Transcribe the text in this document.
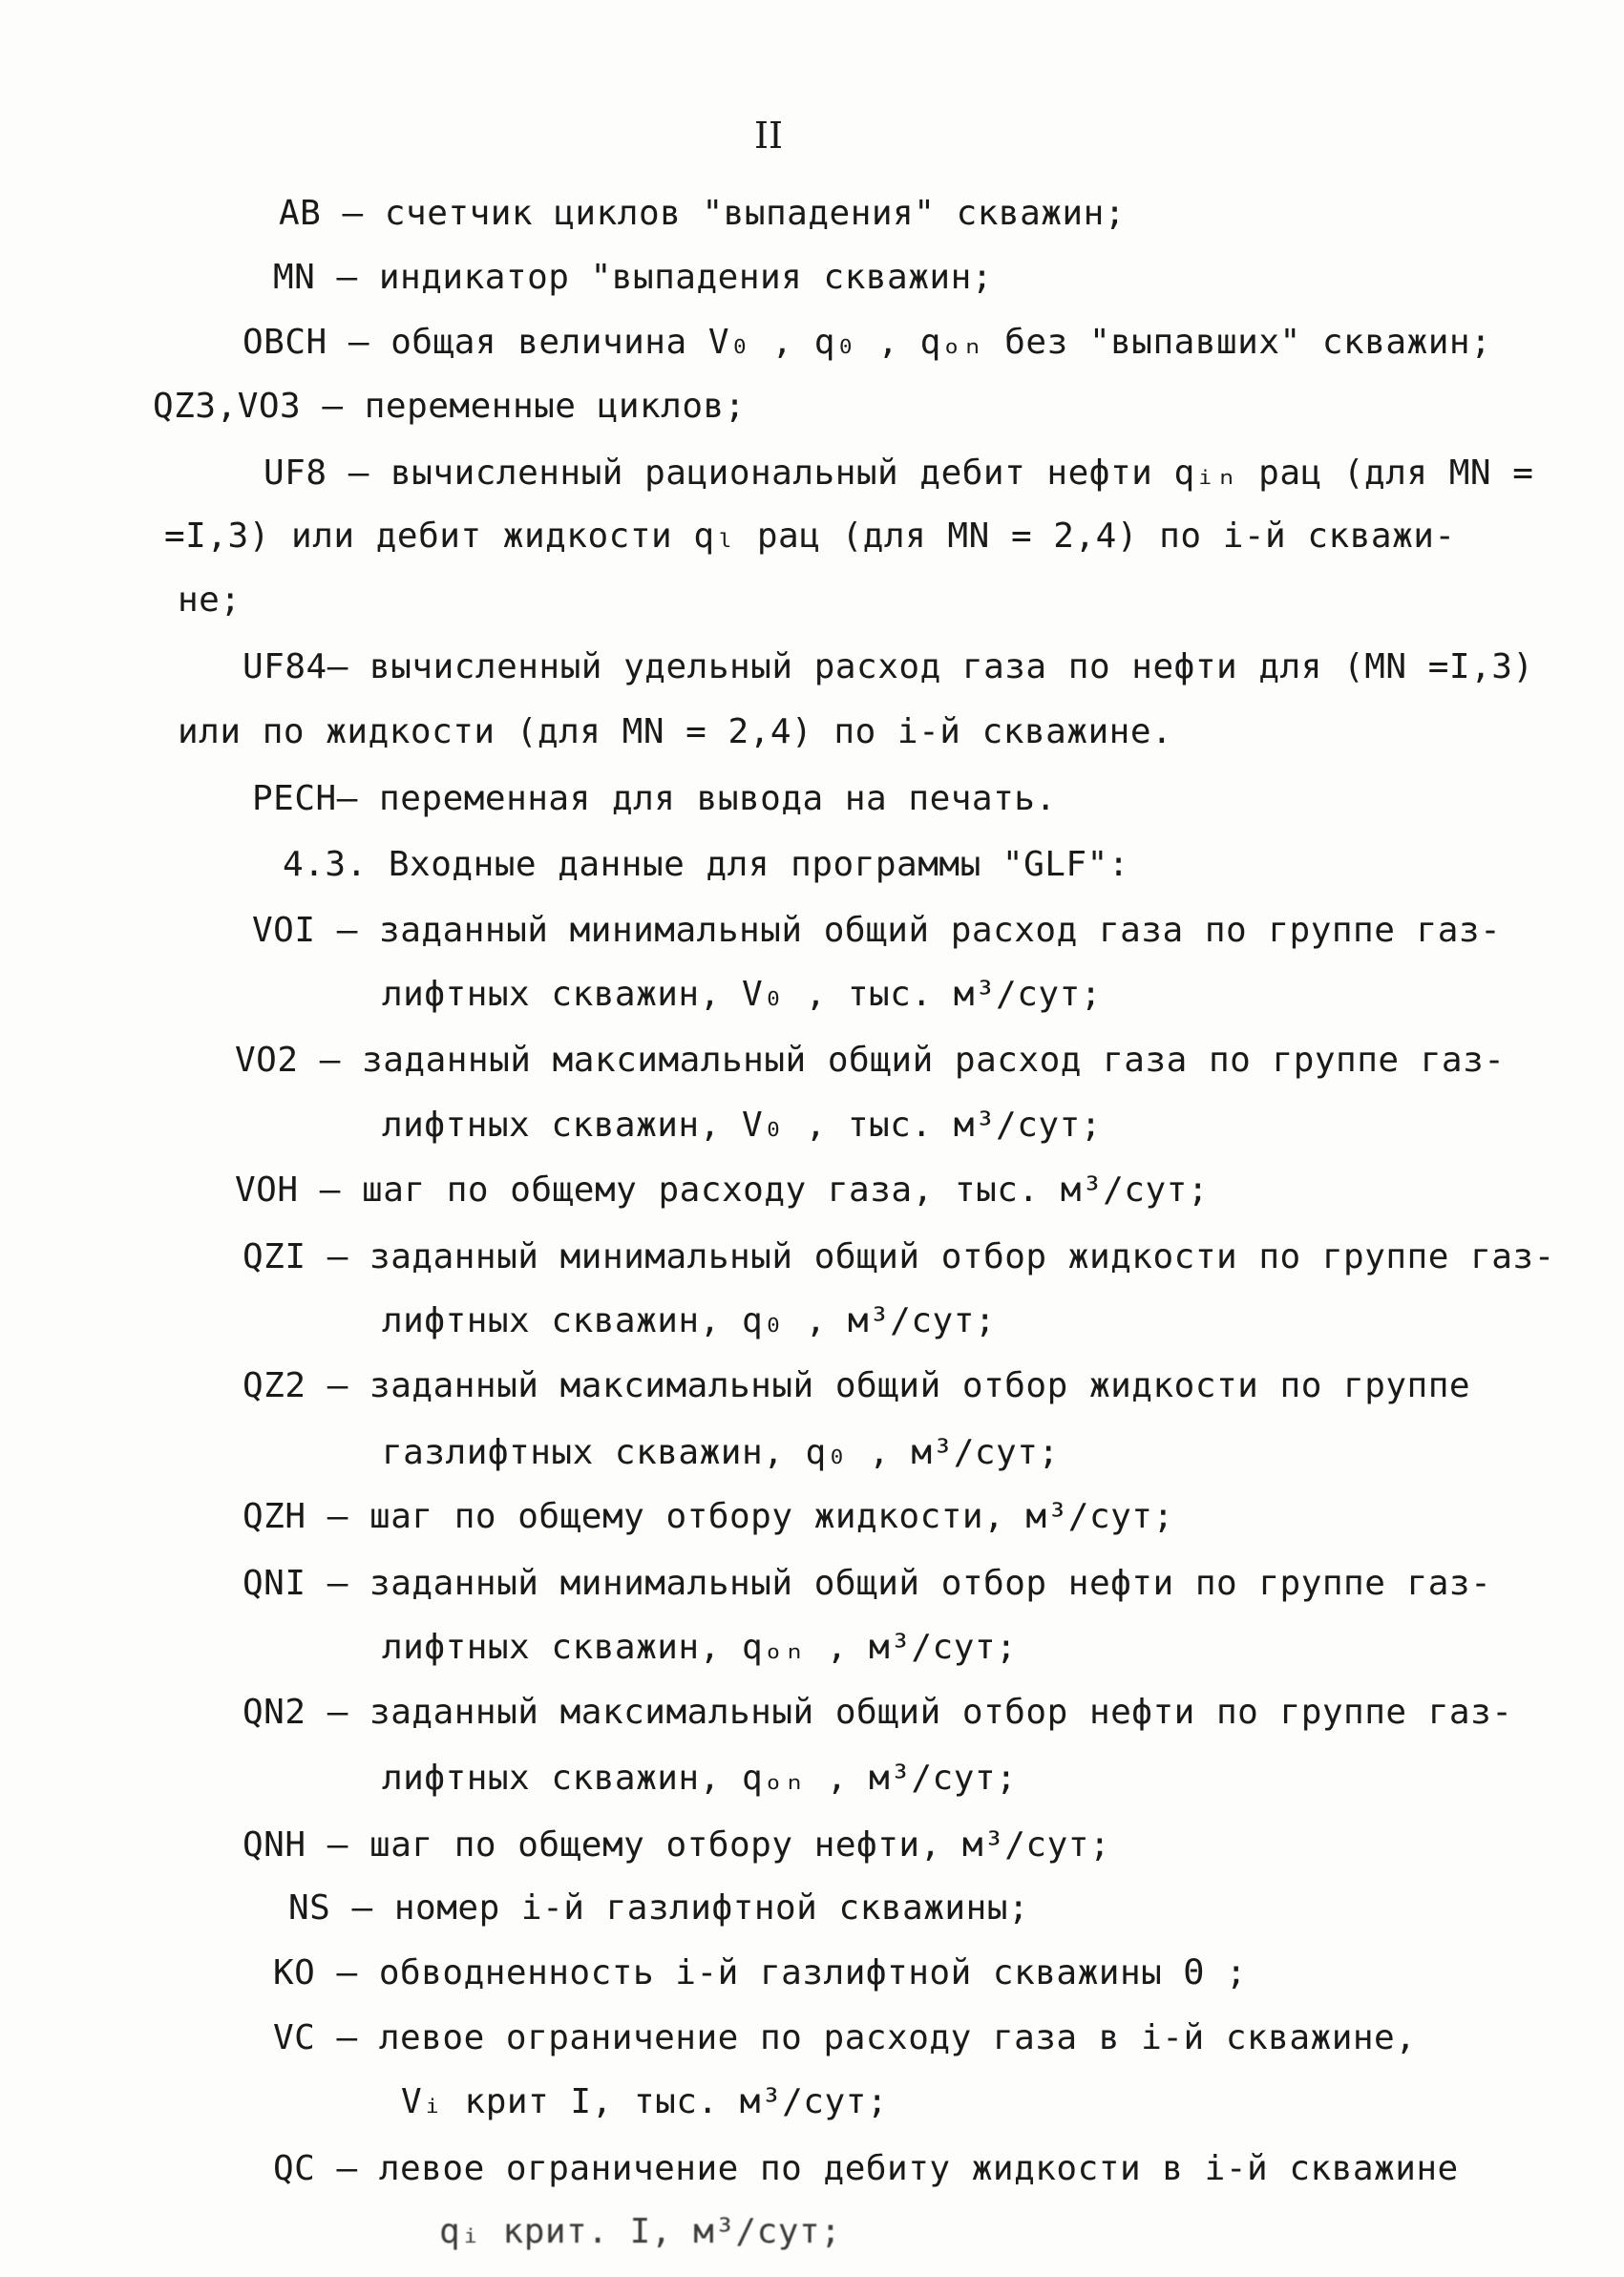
II
AB – счетчик циклов "выпадения" скважин;
MN – индикатор "выпадения скважин;
OBCH – общая величина V₀ , q₀ , qₒₙ без "выпавших" скважин;
QZ3,VO3 – переменные циклов;
UF8 – вычисленный рациональный дебит нефти qᵢₙ рац (для MN =
=I,3) или дебит жидкости qₗ рац (для MN = 2,4) по i-й скважи-
не;
UF84– вычисленный удельный расход газа по нефти для (MN =I,3)
или по жидкости (для MN = 2,4) по i-й скважине.
PECH– переменная для вывода на печать.
4.3. Входные данные для программы "GLF":
VOI – заданный минимальный общий расход газа по группе газ-
лифтных скважин, V₀ , тыс. м³/сут;
VO2 – заданный максимальный общий расход газа по группе газ-
лифтных скважин, V₀ , тыс. м³/сут;
VOH – шаг по общему расходу газа, тыс. м³/сут;
QZI – заданный минимальный общий отбор жидкости по группе газ-
лифтных скважин, q₀ , м³/сут;
QZ2 – заданный максимальный общий отбор жидкости по группе
газлифтных скважин, q₀ , м³/сут;
QZH – шаг по общему отбору жидкости, м³/сут;
QNI – заданный минимальный общий отбор нефти по группе газ-
лифтных скважин, qₒₙ , м³/сут;
QN2 – заданный максимальный общий отбор нефти по группе газ-
лифтных скважин, qₒₙ , м³/сут;
QNH – шаг по общему отбору нефти, м³/сут;
NS – номер i-й газлифтной скважины;
KO – обводненность i-й газлифтной скважины Θ ;
VC – левое ограничение по расходу газа в i-й скважине,
Vᵢ крит I, тыс. м³/сут;
QC – левое ограничение по дебиту жидкости в i-й скважине
qᵢ крит. I, м³/сут;
